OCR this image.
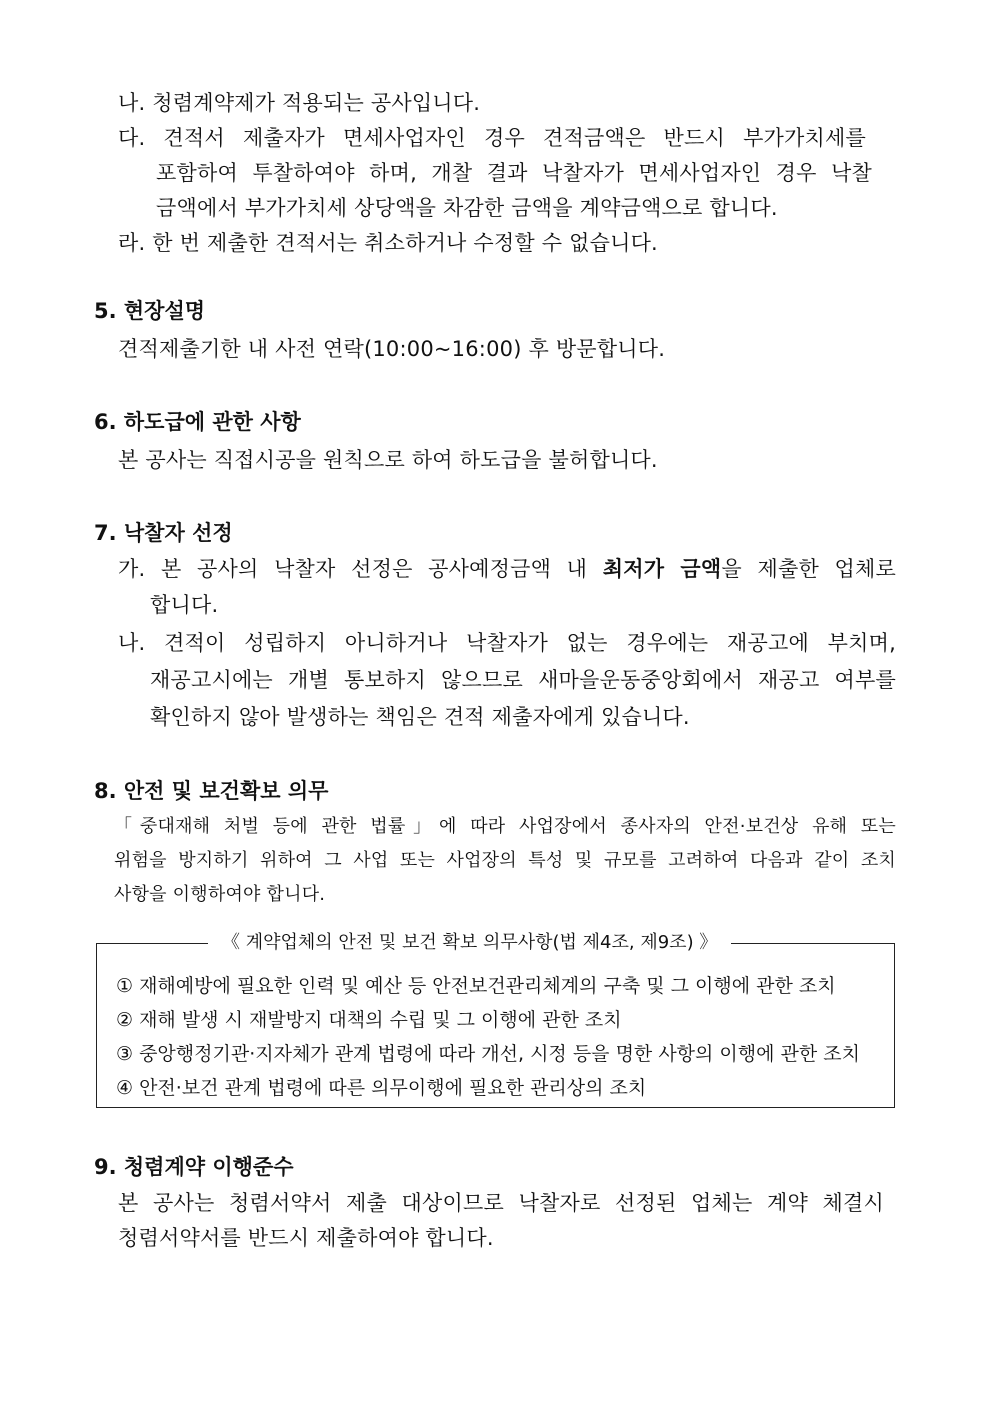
나. 청렴계약제가 적용되는 공사입니다.
다. 견적서 제출자가 면세사업자인 경우 견적금액은 반드시 부가가치세를
포함하여 투찰하여야 하며, 개찰 결과 낙찰자가 면세사업자인 경우 낙찰
금액에서 부가가치세 상당액을 차감한 금액을 계약금액으로 합니다.
라. 한 번 제출한 견적서는 취소하거나 수정할 수 없습니다.
5. 현장설명
견적제출기한 내 사전 연락(10:00~16:00) 후 방문합니다.
6. 하도급에 관한 사항
본 공사는 직접시공을 원칙으로 하여 하도급을 불허합니다.
7. 낙찰자 선정
가. 본 공사의 낙찰자 선정은 공사예정금액 내 최저가 금액을 제출한 업체로
합니다.
나. 견적이 성립하지 아니하거나 낙찰자가 없는 경우에는 재공고에 부치며,
재공고시에는 개별 통보하지 않으므로 새마을운동중앙회에서 재공고 여부를
확인하지 않아 발생하는 책임은 견적 제출자에게 있습니다.
8. 안전 및 보건확보 의무
「중대재해 처벌 등에 관한 법률」에 따라 사업장에서 종사자의 안전·보건상 유해 또는
위험을 방지하기 위하여 그 사업 또는 사업장의 특성 및 규모를 고려하여 다음과 같이 조치
사항을 이행하여야 합니다.
《 계약업체의 안전 및 보건 확보 의무사항(법 제4조, 제9조) 》
① 재해예방에 필요한 인력 및 예산 등 안전보건관리체계의 구축 및 그 이행에 관한 조치
② 재해 발생 시 재발방지 대책의 수립 및 그 이행에 관한 조치
③ 중앙행정기관·지자체가 관계 법령에 따라 개선, 시정 등을 명한 사항의 이행에 관한 조치
④ 안전·보건 관계 법령에 따른 의무이행에 필요한 관리상의 조치
9. 청렴계약 이행준수
본 공사는 청렴서약서 제출 대상이므로 낙찰자로 선정된 업체는 계약 체결시
청렴서약서를 반드시 제출하여야 합니다.
